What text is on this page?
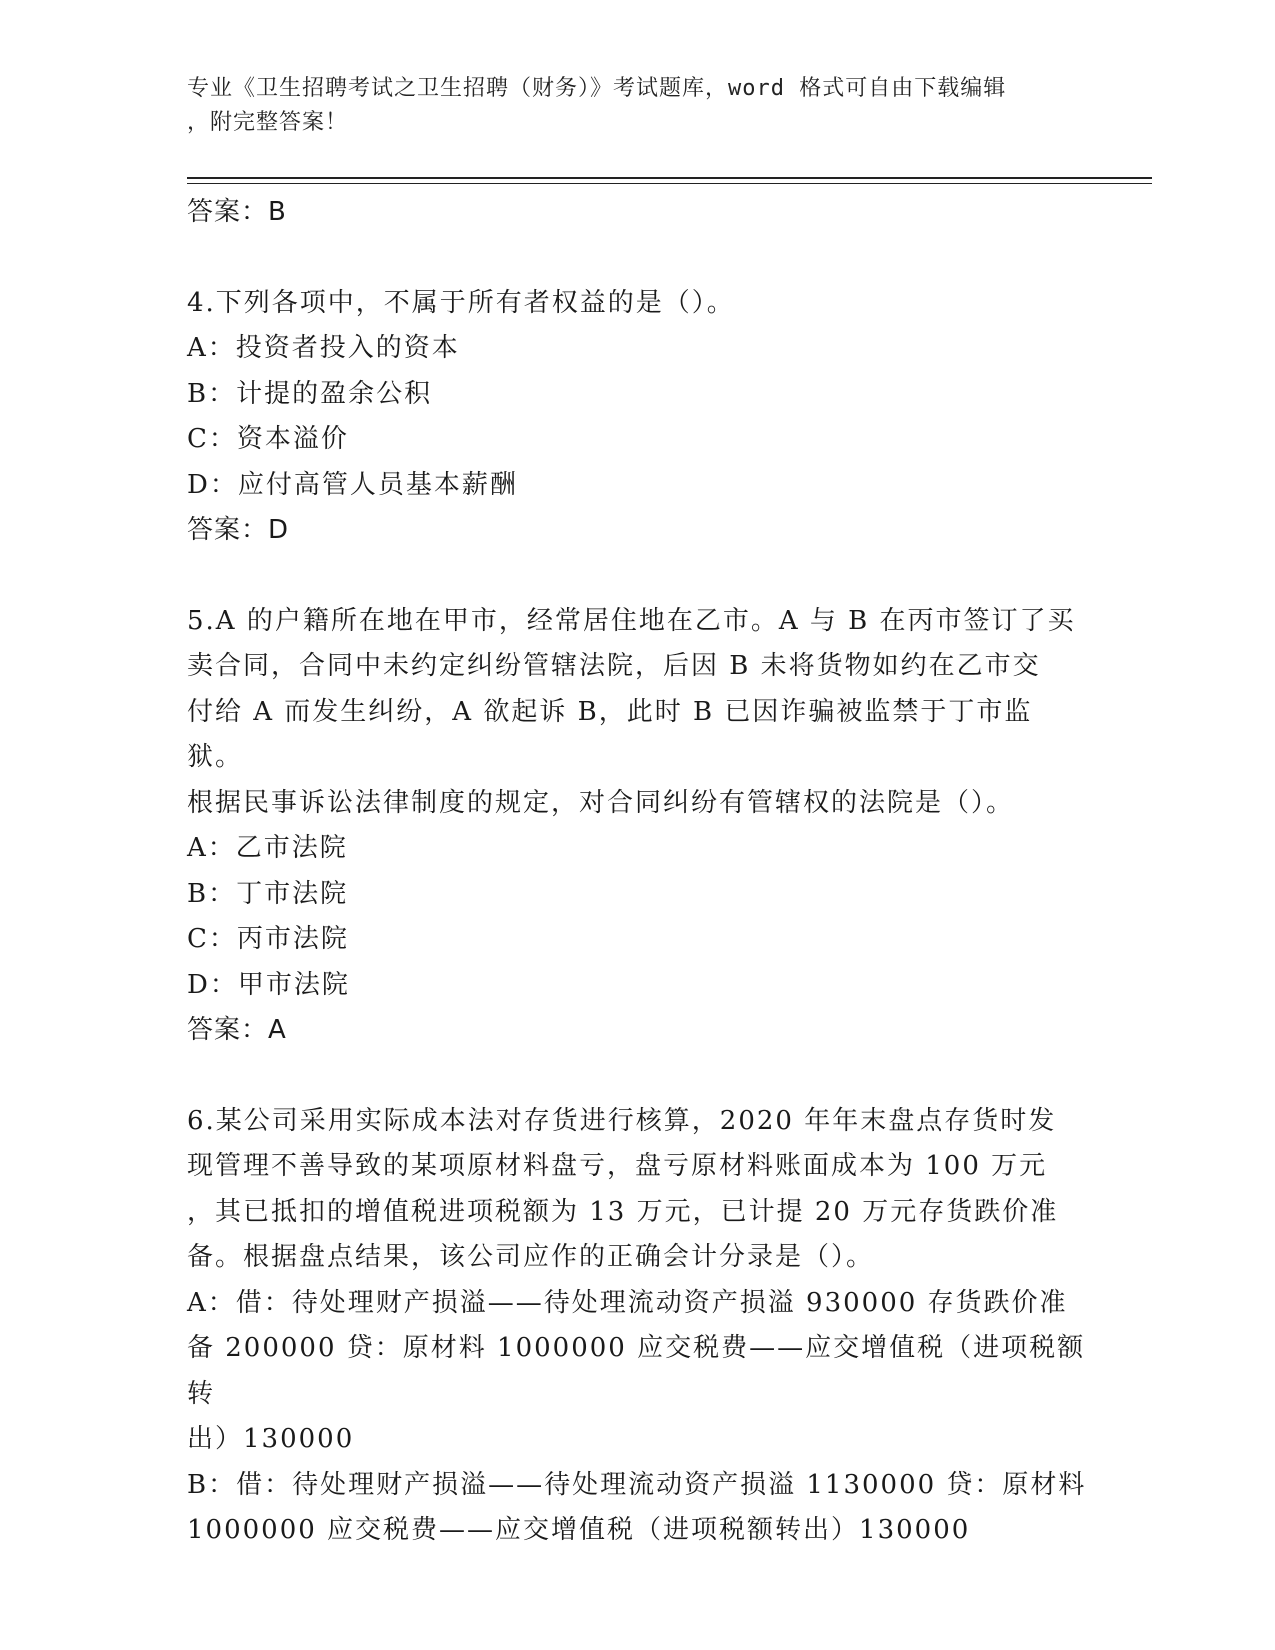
专业《卫生招聘考试之卫生招聘（财务）》考试题库，word 格式可自由下载编辑
，附完整答案！
答案：B
4.下列各项中，不属于所有者权益的是（）。
A：投资者投入的资本
B：计提的盈余公积
C：资本溢价
D：应付高管人员基本薪酬
答案：D
5.A 的户籍所在地在甲市，经常居住地在乙市。A 与 B 在丙市签订了买
卖合同，合同中未约定纠纷管辖法院，后因 B 未将货物如约在乙市交
付给 A 而发生纠纷，A 欲起诉 B，此时 B 已因诈骗被监禁于丁市监狱。
根据民事诉讼法律制度的规定，对合同纠纷有管辖权的法院是（）。
A：乙市法院
B：丁市法院
C：丙市法院
D：甲市法院
答案：A
6.某公司采用实际成本法对存货进行核算，2020 年年末盘点存货时发
现管理不善导致的某项原材料盘亏，盘亏原材料账面成本为 100 万元
，其已抵扣的增值税进项税额为 13 万元，已计提 20 万元存货跌价准
备。根据盘点结果，该公司应作的正确会计分录是（）。
A：借：待处理财产损溢——待处理流动资产损溢 930000 存货跌价准
备 200000 贷：原材料 1000000 应交税费——应交增值税（进项税额转
出）130000
B：借：待处理财产损溢——待处理流动资产损溢 1130000 贷：原材料
1000000 应交税费——应交增值税（进项税额转出）130000
